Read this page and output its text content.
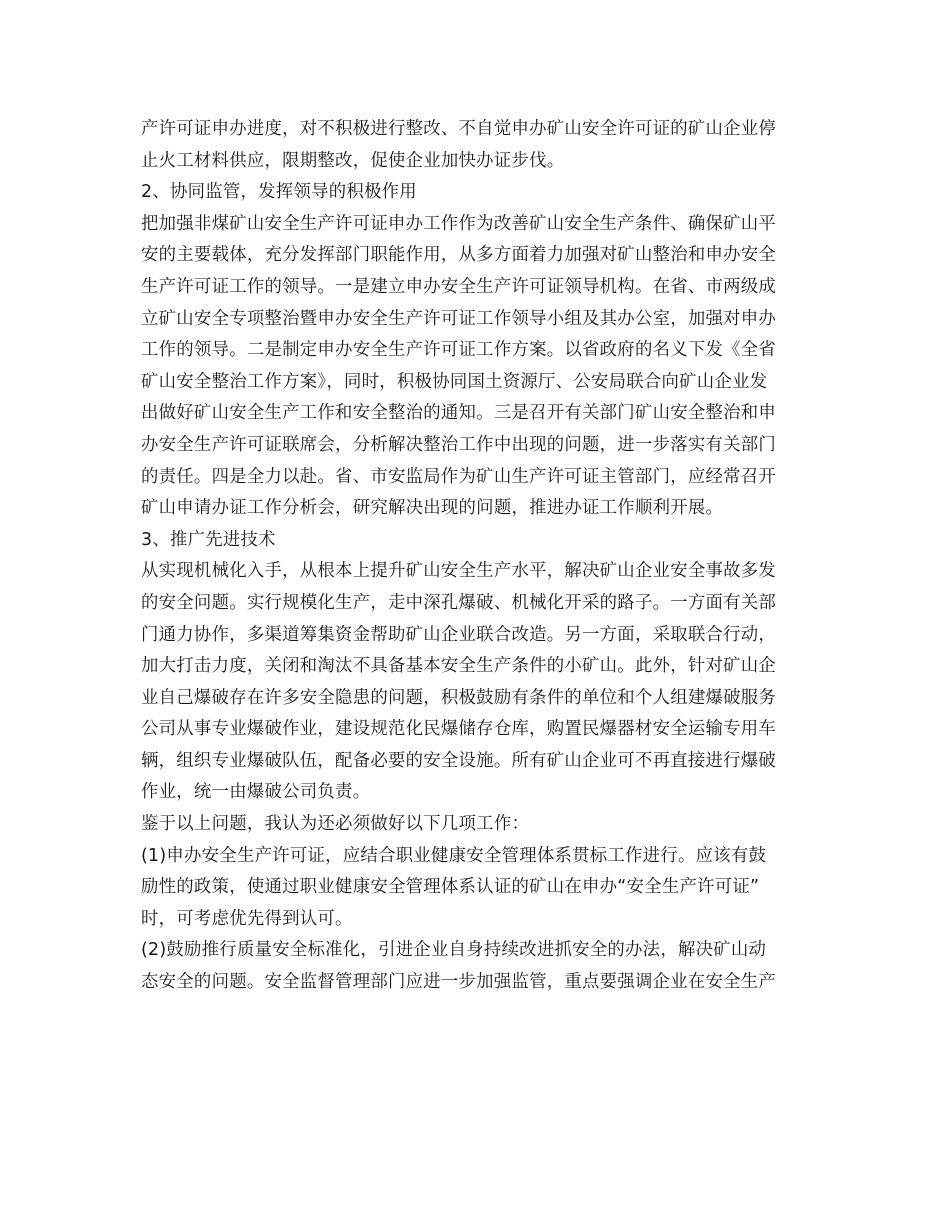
产许可证申办进度，对不积极进行整改、不自觉申办矿山安全许可证的矿山企业停
止火工材料供应，限期整改，促使企业加快办证步伐。
2、协同监管，发挥领导的积极作用
把加强非煤矿山安全生产许可证申办工作作为改善矿山安全生产条件、确保矿山平
安的主要载体，充分发挥部门职能作用，从多方面着力加强对矿山整治和申办安全
生产许可证工作的领导。一是建立申办安全生产许可证领导机构。在省、市两级成
立矿山安全专项整治暨申办安全生产许可证工作领导小组及其办公室，加强对申办
工作的领导。二是制定申办安全生产许可证工作方案。以省政府的名义下发《全省
矿山安全整治工作方案》，同时，积极协同国土资源厅、公安局联合向矿山企业发
出做好矿山安全生产工作和安全整治的通知。三是召开有关部门矿山安全整治和申
办安全生产许可证联席会，分析解决整治工作中出现的问题，进一步落实有关部门
的责任。四是全力以赴。省、市安监局作为矿山生产许可证主管部门，应经常召开
矿山申请办证工作分析会，研究解决出现的问题，推进办证工作顺利开展。
3、推广先进技术
从实现机械化入手，从根本上提升矿山安全生产水平，解决矿山企业安全事故多发
的安全问题。实行规模化生产，走中深孔爆破、机械化开采的路子。一方面有关部
门通力协作，多渠道筹集资金帮助矿山企业联合改造。另一方面，采取联合行动，
加大打击力度，关闭和淘汰不具备基本安全生产条件的小矿山。此外，针对矿山企
业自己爆破存在许多安全隐患的问题，积极鼓励有条件的单位和个人组建爆破服务
公司从事专业爆破作业，建设规范化民爆储存仓库，购置民爆器材安全运输专用车
辆，组织专业爆破队伍，配备必要的安全设施。所有矿山企业可不再直接进行爆破
作业，统一由爆破公司负责。
鉴于以上问题，我认为还必须做好以下几项工作：
(1)申办安全生产许可证，应结合职业健康安全管理体系贯标工作进行。应该有鼓
励性的政策，使通过职业健康安全管理体系认证的矿山在申办“安全生产许可证”
时，可考虑优先得到认可。
(2)鼓励推行质量安全标准化，引进企业自身持续改进抓安全的办法，解决矿山动
态安全的问题。安全监督管理部门应进一步加强监管，重点要强调企业在安全生产
